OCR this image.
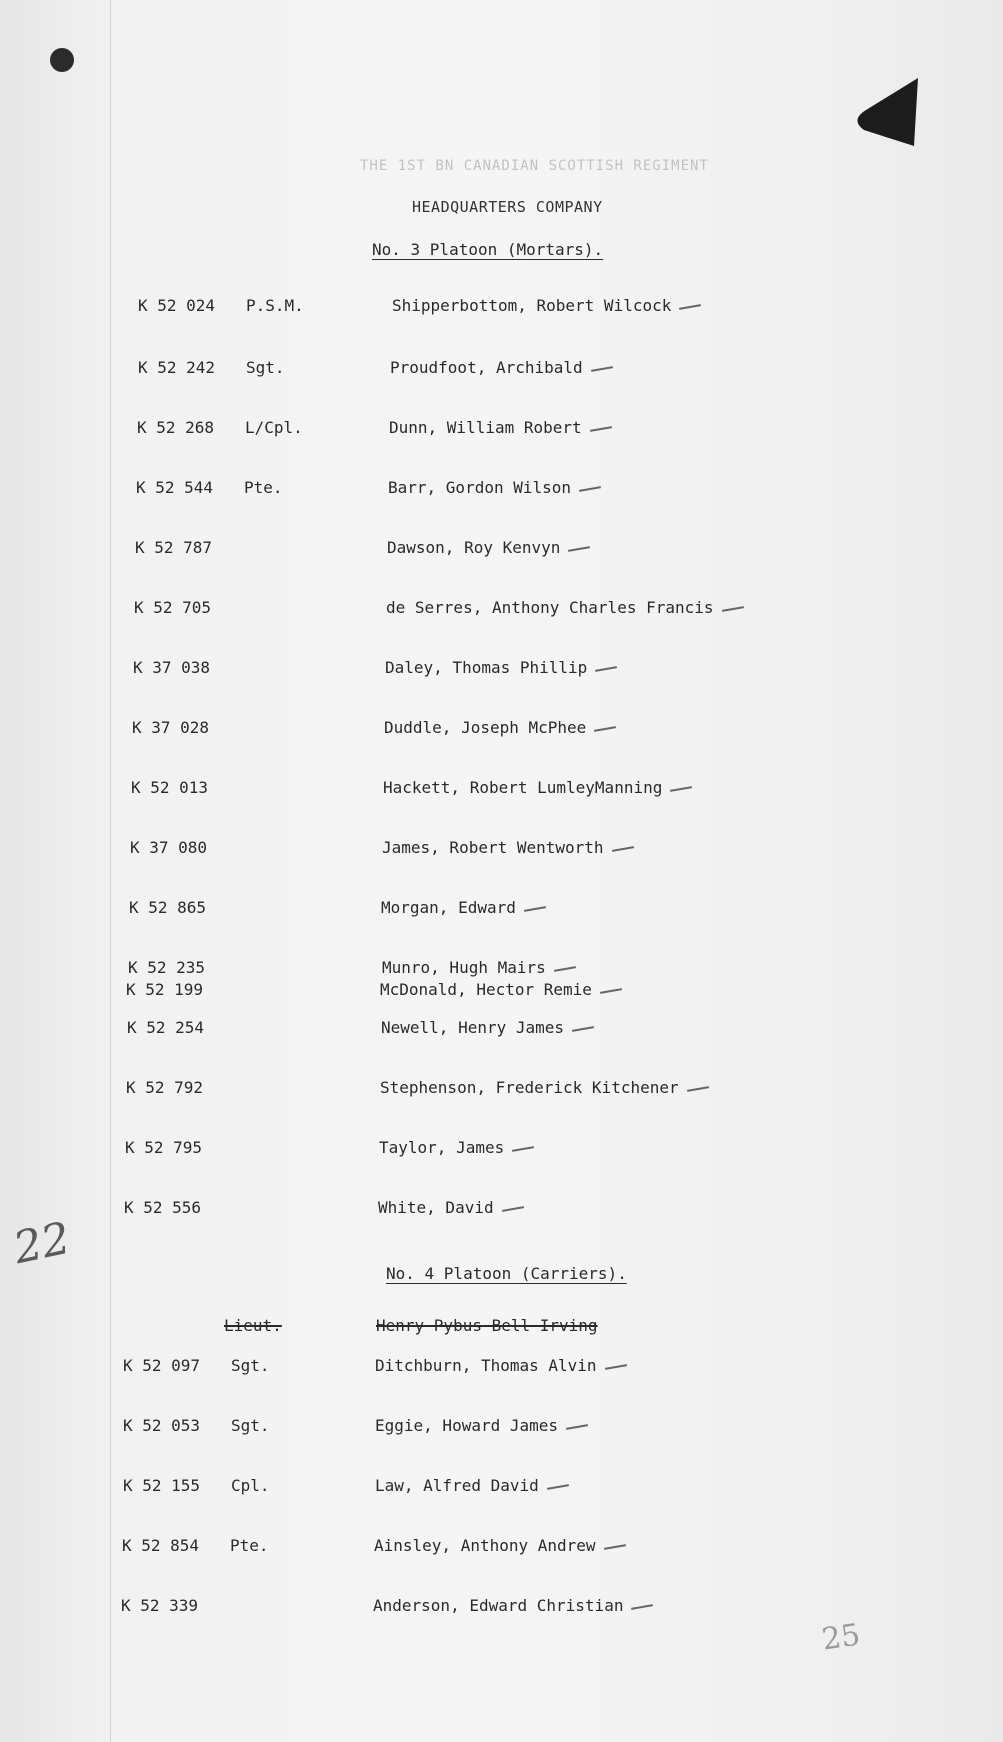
THE 1ST BN CANADIAN SCOTTISH REGIMENT
HEADQUARTERS COMPANY
No. 3 Platoon (Mortars).
K 52 024 P.S.M.	Shipperbottom, Robert Wilcock
K 52 242 Sgt.	Proudfoot, Archibald
K 52 268 L/Cpl.	Dunn, William Robert
K 52 544 Pte.	Barr, Gordon Wilson
K 52 787	Dawson, Roy Kenvyn
K 52 705	de Serres, Anthony Charles Francis
K 37 038	Daley, Thomas Phillip
K 37 028	Duddle, Joseph McPhee
K 52 013	Hackett, Robert LumleyManning
K 37 080	James, Robert Wentworth
K 52 865	Morgan, Edward
K 52 235	Munro, Hugh Mairs
K 52 199	McDonald, Hector Remie
K 52 254	Newell, Henry James
K 52 792	Stephenson, Frederick Kitchener
K 52 795	Taylor, James
K 52 556	White, David
No. 4 Platoon (Carriers).
Lieut.	Henry Pybus Bell-Irving
K 52 097 Sgt.	Ditchburn, Thomas Alvin
K 52 053 Sgt.	Eggie, Howard James
K 52 155 Cpl.	Law, Alfred David
K 52 854 Pte.	Ainsley, Anthony Andrew
K 52 339	Anderson, Edward Christian
22
25
